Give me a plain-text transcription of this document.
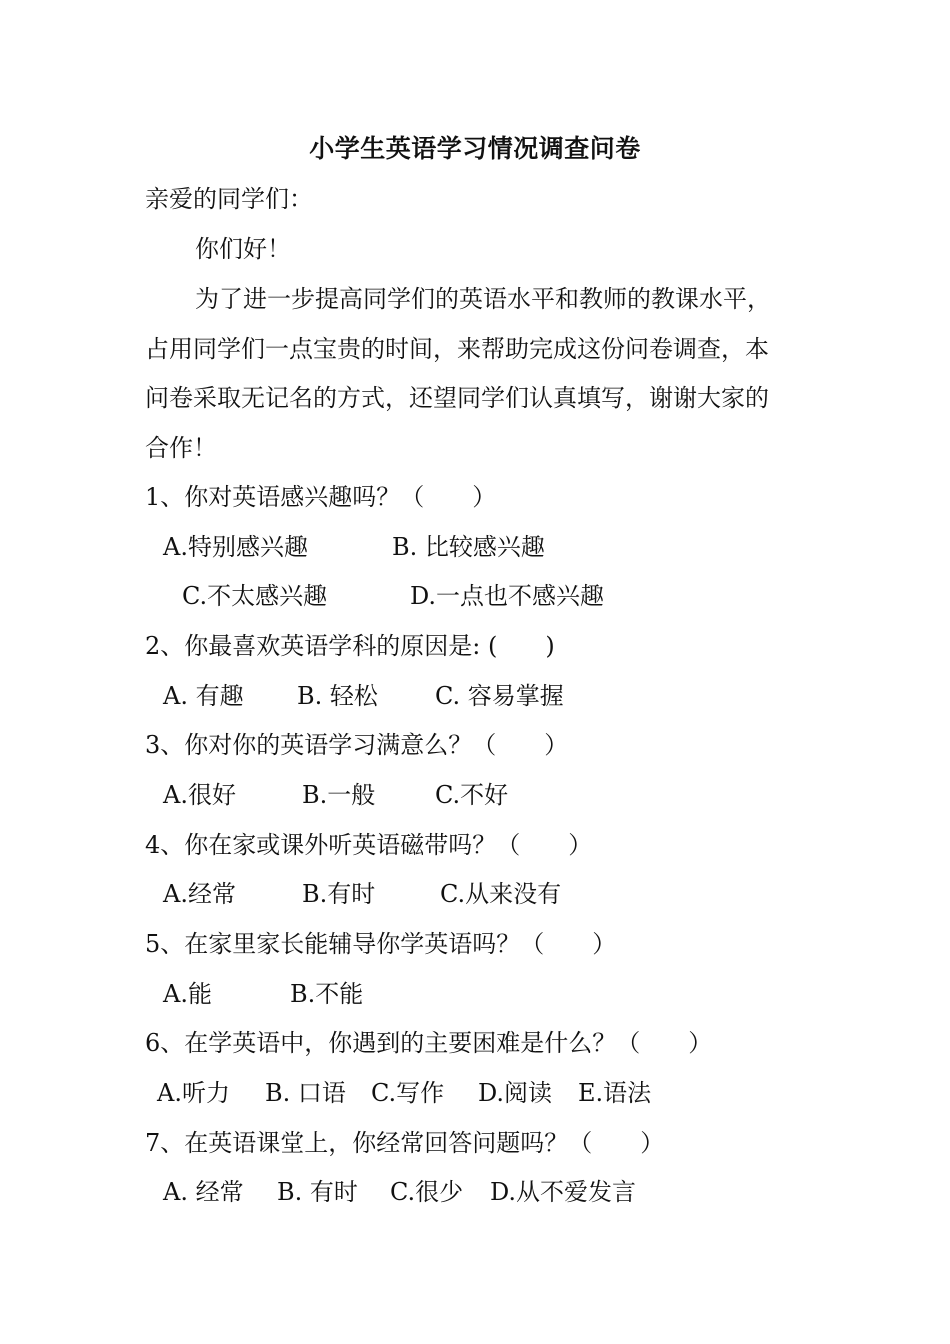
小学生英语学习情况调查问卷
亲爱的同学们：
你们好！
为了进一步提高同学们的英语水平和教师的教课水平，
占用同学们一点宝贵的时间，来帮助完成这份问卷调查，本
问卷采取无记名的方式，还望同学们认真填写，谢谢大家的
合作！
1、你对英语感兴趣吗？（　　）
A.特别感兴趣	B. 比较感兴趣
C.不太感兴趣	D.一点也不感兴趣
2、你最喜欢英语学科的原因是: (　　)
A. 有趣 B. 轻松 C. 容易掌握
3、你对你的英语学习满意么？（　　）
A.很好	B.一般 C.不好
4、你在家或课外听英语磁带吗？（　　）
A.经常	B.有时	C.从来没有
5、在家里家长能辅导你学英语吗？（　　）
A.能	B.不能
6、在学英语中，你遇到的主要困难是什么？（　　）
A.听力 B. 口语 C.写作 D.阅读 E.语法
7、在英语课堂上，你经常回答问题吗？（　　）
A. 经常 B. 有时 C.很少 D.从不爱发言
